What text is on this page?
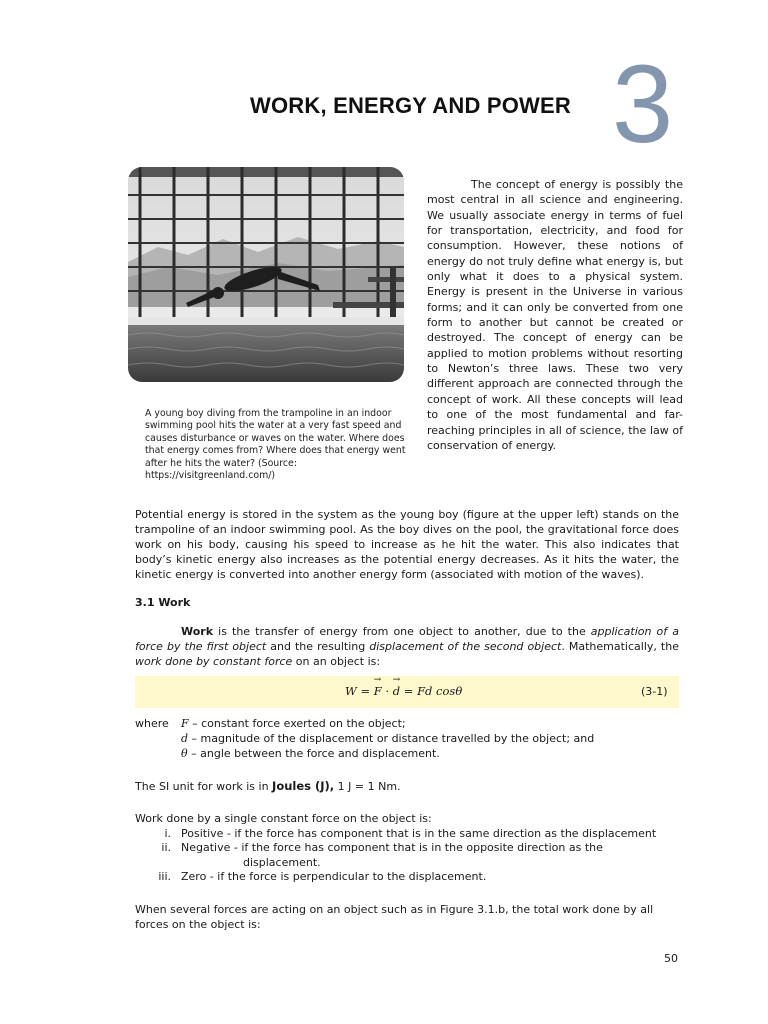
WORK, ENERGY AND POWER 3
A young boy diving from the trampoline in an indoor swimming pool hits the water at a very fast speed and causes disturbance or waves on the water. Where does that energy comes from? Where does that energy went after he hits the water? (Source: https://visitgreenland.com/)
The concept of energy is possibly the most central in all science and engineering. We usually associate energy in terms of fuel for transportation, electricity, and food for consumption. However, these notions of energy do not truly define what energy is, but only what it does to a physical system. Energy is present in the Universe in various forms; and it can only be converted from one form to another but cannot be created or destroyed. The concept of energy can be applied to motion problems without resorting to Newton’s three laws. These two very different approach are connected through the concept of work. All these concepts will lead to one of the most fundamental and far-reaching principles in all of science, the law of conservation of energy.
Potential energy is stored in the system as the young boy (figure at the upper left) stands on the trampoline of an indoor swimming pool. As the boy dives on the pool, the gravitational force does work on his body, causing his speed to increase as he hit the water. This also indicates that body’s kinetic energy also increases as the potential energy decreases. As it hits the water, the kinetic energy is converted into another energy form (associated with motion of the waves).
3.1 Work
Work is the transfer of energy from one object to another, due to the application of a force by the first object and the resulting displacement of the second object. Mathematically, the work done by constant force on an object is:
W = F
→
· d
→
= Fd cosθ	(3-1)
where F – constant force exerted on the object;
d – magnitude of the displacement or distance travelled by the object; and
θ – angle between the force and displacement.
The SI unit for work is in Joules (J), 1 J = 1 Nm.
Work done by a single constant force on the object is:
i. Positive - if the force has component that is in the same direction as the displacement
ii. Negative - if the force has component that is in the opposite direction as the
displacement.
iii. Zero - if the force is perpendicular to the displacement.
When several forces are acting on an object such as in Figure 3.1.b, the total work done by all forces on the object is:
50
